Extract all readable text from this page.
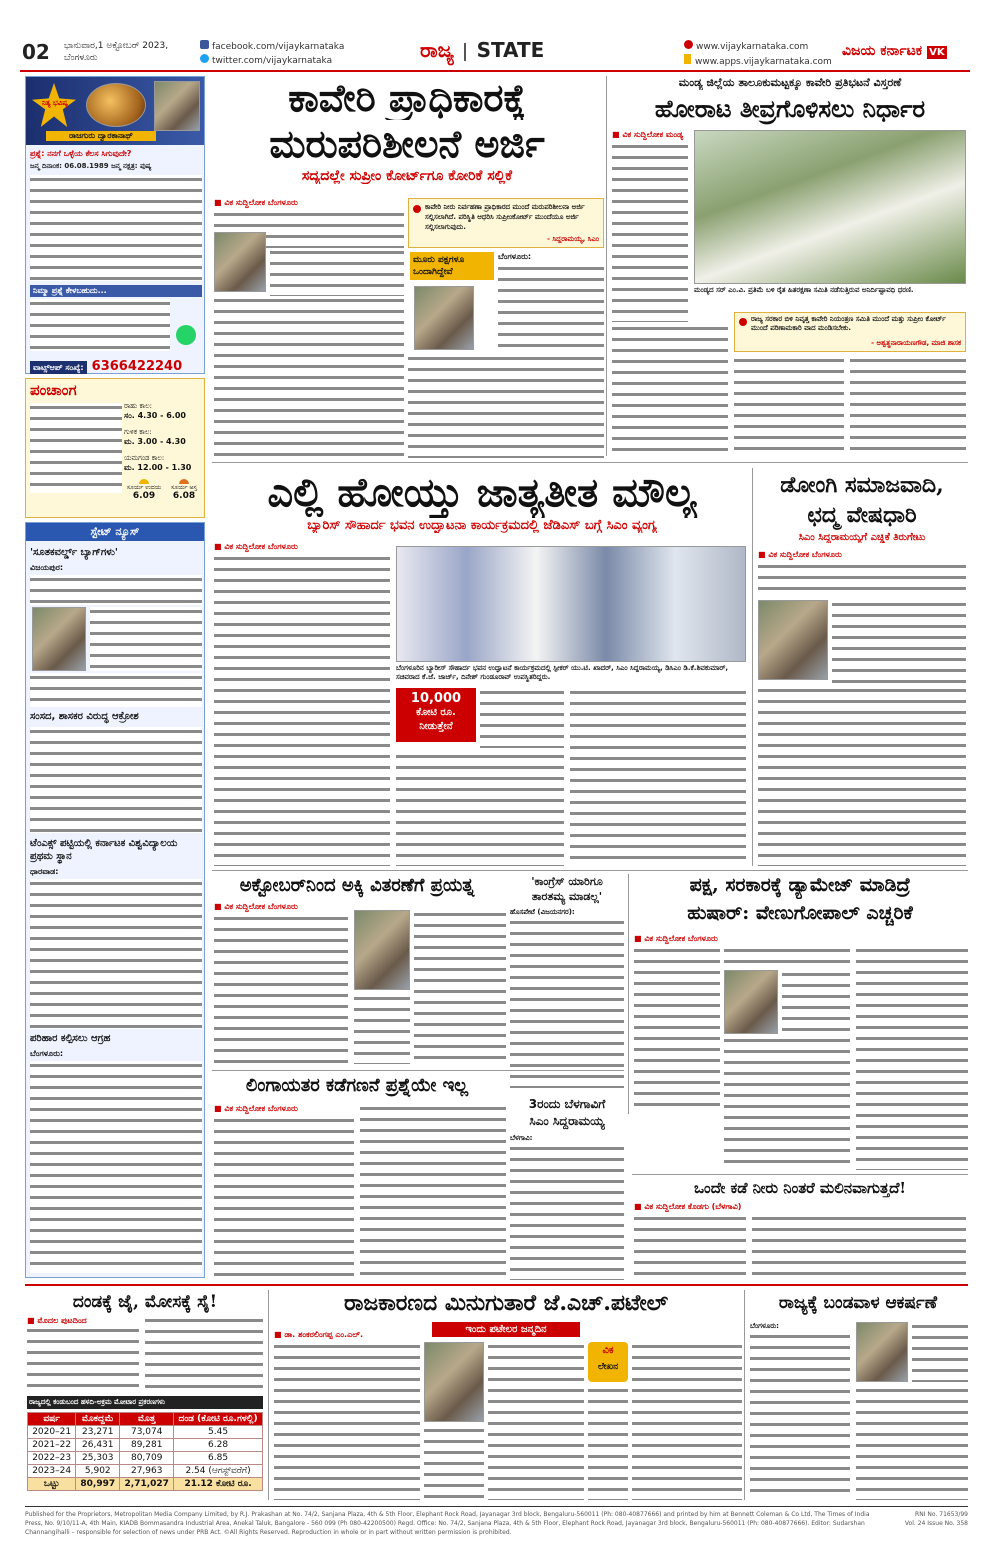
02 ಭಾನುವಾರ,1 ಅಕ್ಟೋಬರ್ 2023,
ಬೆಂಗಳೂರು
facebook.com/vijaykarnataka
twitter.com/vijaykarnataka	ರಾಜ್ಯ STATE	www.vijaykarnataka.com
www.apps.vijaykarnataka.com
ವಿಜಯ ಕರ್ನಾಟಕ VK
ನಿತ್ಯ ಭವಿಷ್ಯ
ರಾಜಗುರು ದ್ವಾರಕಾನಾಥ್
ಪ್ರಶ್ನೆ: ನನಗೆ ಒಳ್ಳೆಯ ಕೆಲಸ ಸಿಗುವುದೇ?
ಜನ್ಮ ದಿನಾಂಕ: 06.08.1989 ಜನ್ಮ ನಕ್ಷತ್ರ: ಪುಷ್ಯ
ನಿಮ್ಮಾ ಪ್ರಶ್ನೆ ಕೇಳಬಹುದು...
ವಾಟ್ಸ್ಆಪ್ ಸಂಖ್ಯೆ: 6366422240
ಪಂಚಾಂಗ
ರಾಹು ಕಾಲ:
ಸಂ. 4.30 - 6.00
ಗುಳಿಕ ಕಾಲ:
ಮ. 3.00 - 4.30
ಯಮಗಂಡ ಕಾಲ:
ಮ. 12.00 - 1.30
ಸೂರ್ಯ ಉದಯ
6.09
ಸೂರ್ಯ ಅಸ್ತ
6.08
ಸ್ಟೇಟ್ ನ್ಯೂಸ್
'ಸೂತಕವರ್ಲ್ಡ್ ಬ್ಯಾಗ್‌ಗಳು'
ವಿಜಯಪುರ:
ಸಂಸದ, ಶಾಸಕರ ವಿರುದ್ಧ ಆಕ್ರೋಶ
ಟೆಂಎಕ್ಸ್ ಪಟ್ಟಿಯಲ್ಲಿ ಕರ್ನಾಟಕ ವಿಶ್ವವಿದ್ಯಾಲಯ ಪ್ರಥಮ ಸ್ಥಾನ
ಧಾರವಾಡ:
ಪರಿಹಾರ ಕಲ್ಪಿಸಲು ಆಗ್ರಹ
ಬೆಂಗಳೂರು:
ಕಾವೇರಿ ಪ್ರಾಧಿಕಾರಕ್ಕೆ
ಮರುಪರಿಶೀಲನೆ ಅರ್ಜಿ
ಸದ್ಯದಲ್ಲೇ ಸುಪ್ರೀಂ ಕೋರ್ಟ್‌ಗೂ ಕೋರಿಕೆ ಸಲ್ಲಿಕೆ
■ ವಿಕ ಸುದ್ದಿಲೋಕ ಬೆಂಗಳೂರು	ಕಾವೇರಿ ನೀರು ನಿರ್ವಹಣಾ ಪ್ರಾಧಿಕಾರದ ಮುಂದೆ ಮರುಪರಿಶೀಲನಾ ಅರ್ಜಿ ಸಲ್ಲಿಸಲಾಗಿದೆ. ಪರಿಸ್ಥಿತಿ ಆಧರಿಸಿ ಸುಪ್ರೀಂಕೋರ್ಟ್ ಮುಂದೆಯೂ ಅರ್ಜಿ ಸಲ್ಲಿಸಲಾಗುವುದು.
- ಸಿದ್ದರಾಮಯ್ಯ, ಸಿಎಂ
ಮೂರು ಪಕ್ಷಗಳೂ ಒಂದಾಗಿದ್ದೇವೆ
ಬೆಂಗಳೂರು:
ಮಂಡ್ಯ ಜಿಲ್ಲೆಯ ತಾಲೂಕುಮಟ್ಟಕ್ಕೂ ಕಾವೇರಿ ಪ್ರತಿಭಟನೆ ವಿಸ್ತರಣೆ
ಹೋರಾಟ ತೀವ್ರಗೊಳಿಸಲು ನಿರ್ಧಾರ
■ ವಿಕ ಸುದ್ದಿಲೋಕ ಮಂಡ್ಯ
ಮಂಡ್ಯದ ಸರ್ ಎಂ.ವಿ. ಪ್ರತಿಮೆ ಬಳಿ ರೈತ ಹಿತರಕ್ಷಣಾ ಸಮಿತಿ ನಡೆಸುತ್ತಿರುವ ಅನಿರ್ದಿಷ್ಟಾವಧಿ ಧರಣಿ.
ರಾಜ್ಯ ಸರಕಾರ ಬಿಳಿ ನಿವೃತ್ತ ಕಾವೇರಿ ನಿಯಂತ್ರಣ ಸಮಿತಿ ಮುಂದೆ ಮತ್ತು ಸುಪ್ರೀಂ ಕೋರ್ಟ್ ಮುಂದೆ ಪರಿಣಾಮಕಾರಿ ವಾದ ಮಂಡಿಸಬೇಕು.
- ಅಶ್ವತ್ಥನಾರಾಯಣಗೌಡ, ಮಾಜಿ ಶಾಸಕ
ಎಲ್ಲಿ ಹೋಯ್ತು ಜಾತ್ಯತೀತ ಮೌಲ್ಯ
ಬ್ಯಾರಿಸ್ ಸೌಹಾರ್ದ ಭವನ ಉದ್ಘಾಟನಾ ಕಾರ್ಯಕ್ರಮದಲ್ಲಿ ಜೆಡಿಎಸ್ ಬಗ್ಗೆ ಸಿಎಂ ವ್ಯಂಗ್ಯ
■ ವಿಕ ಸುದ್ದಿಲೋಕ ಬೆಂಗಳೂರು
ಬೆಂಗಳೂರಿನ ಬ್ಯಾರೀಸ್ ಸೌಹಾರ್ದ ಭವನ ಉದ್ಘಾಟನೆ ಕಾರ್ಯಕ್ರಮದಲ್ಲಿ ಸ್ಪೀಕರ್ ಯು.ಟಿ. ಖಾದರ್, ಸಿಎಂ ಸಿದ್ದರಾಮಯ್ಯ, ಡಿಸಿಎಂ ಡಿ.ಕೆ.ಶಿವಕುಮಾರ್, ಸಚಿವರಾದ ಕೆ.ಜೆ. ಜಾರ್ಜ್, ದಿನೇಶ್ ಗುಂಡೂರಾವ್ ಉಪಸ್ಥಿತರಿದ್ದರು.
10,000
ಕೋಟಿ ರೂ.
ನೀಡುತ್ತೇನೆ
ಡೋಂಗಿ ಸಮಾಜವಾದಿ,
ಛದ್ಮ ವೇಷಧಾರಿ
ಸಿಎಂ ಸಿದ್ದರಾಮಯ್ಯಗೆ ಎಚ್ಡಿಕೆ ತಿರುಗೇಟು
■ ವಿಕ ಸುದ್ದಿಲೋಕ ಬೆಂಗಳೂರು
ಅಕ್ಟೋಬರ್‌ನಿಂದ ಅಕ್ಕಿ ವಿತರಣೆಗೆ ಪ್ರಯತ್ನ
■ ವಿಕ ಸುದ್ದಿಲೋಕ ಬೆಂಗಳೂರು
'ಕಾಂಗ್ರೆಸ್ ಯಾರಿಗೂ
ತಾರತಮ್ಯ ಮಾಡಲ್ಲ'
ಹೊಸಪೇಟೆ (ವಿಜಯನಗರ):
ಪಕ್ಷ, ಸರಕಾರಕ್ಕೆ ಡ್ಯಾಮೇಜ್ ಮಾಡಿದ್ರೆ
ಹುಷಾರ್: ವೇಣುಗೋಪಾಲ್ ಎಚ್ಚರಿಕೆ
■ ವಿಕ ಸುದ್ದಿಲೋಕ ಬೆಂಗಳೂರು
ಲಿಂಗಾಯತರ ಕಡೆಗಣನೆ ಪ್ರಶ್ನೆಯೇ ಇಲ್ಲ
■ ವಿಕ ಸುದ್ದಿಲೋಕ ಬೆಂಗಳೂರು	3ರಂದು ಬೆಳಗಾವಿಗೆ
ಸಿಎಂ ಸಿದ್ದರಾಮಯ್ಯ
ಬೆಳಗಾವಿ:
ಒಂದೇ ಕಡೆ ನೀರು ನಿಂತರೆ ಮಲಿನವಾಗುತ್ತದೆ!
■ ವಿಕ ಸುದ್ದಿಲೋಕ ಕೊಡಗು (ಬೆಳಗಾವಿ)
ದಂಡಕ್ಕೆ ಜೈ, ಮೋಸಕ್ಕೆ ಸೈ!
■ ಮೊದಲ ಪುಟದಿಂದ
ರಾಜ್ಯದಲ್ಲಿ ಕಂಡುಬಂದ ಹಳದಿ-ಅಕ್ರಮ ಮೋಟಾರ ಪ್ರಕರಣಗಳು
ವರ್ಷ	ಮೊಕದ್ದಮೆ	ಮೊತ್ತ	ದಂಡ (ಕೋಟಿ ರೂ.ಗಳಲ್ಲಿ)
2020–21	23,271	73,074	5.45
2021–22	26,431	89,281	6.28
2022–23	25,303	80,709	6.85
2023–24	5,902	27,963	2.54 (ಆಗಸ್ಟ್‌ವರೆಗೆ)
ಒಟ್ಟು	80,997	2,71,027	21.12 ಕೋಟಿ ರೂ.
ರಾಜಕಾರಣದ ಮಿನುಗುತಾರೆ ಜೆ.ಎಚ್.ಪಟೇಲ್
ಇಂದು ಪಟೇಲರ ಜನ್ಮದಿನ
■ ಡಾ. ಶಂಕರಲಿಂಗಪ್ಪ ಎಂ.ಎಲ್.
ವಿಕ
ಲೇಖನ
ರಾಜ್ಯಕ್ಕೆ ಬಂಡವಾಳ ಆಕರ್ಷಣೆ
ಬೆಂಗಳೂರು:
Published for the Proprietors, Metropolitan Media Company Limited, by R.J. Prakashan at No. 74/2, Sanjana Plaza, 4th & 5th Floor, Elephant Rock Road, Jayanagar 3rd block, Bengaluru-560011 (Ph: 080-40877666) and printed by him at Bennett Coleman & Co Ltd, The Times of India Press, No. 9/10/11-A, 4th Main, KIADB Bommasandra Industrial Area, Anekal Taluk, Bangalore - 560 099 (Ph 080-42200500) Regd. Office: No. 74/2, Sanjana Plaza, 4th & 5th Floor, Elephant Rock Road, Jayanagar 3rd block, Bengaluru-560011 (Ph: 080-40877666). Editor: Sudarshan Channangihalli – responsible for selection of news under PRB Act. ©All Rights Reserved. Reproduction in whole or in part without written permission is prohibited.
RNI No. 71653/99
Vol. 24 Issue No. 358
